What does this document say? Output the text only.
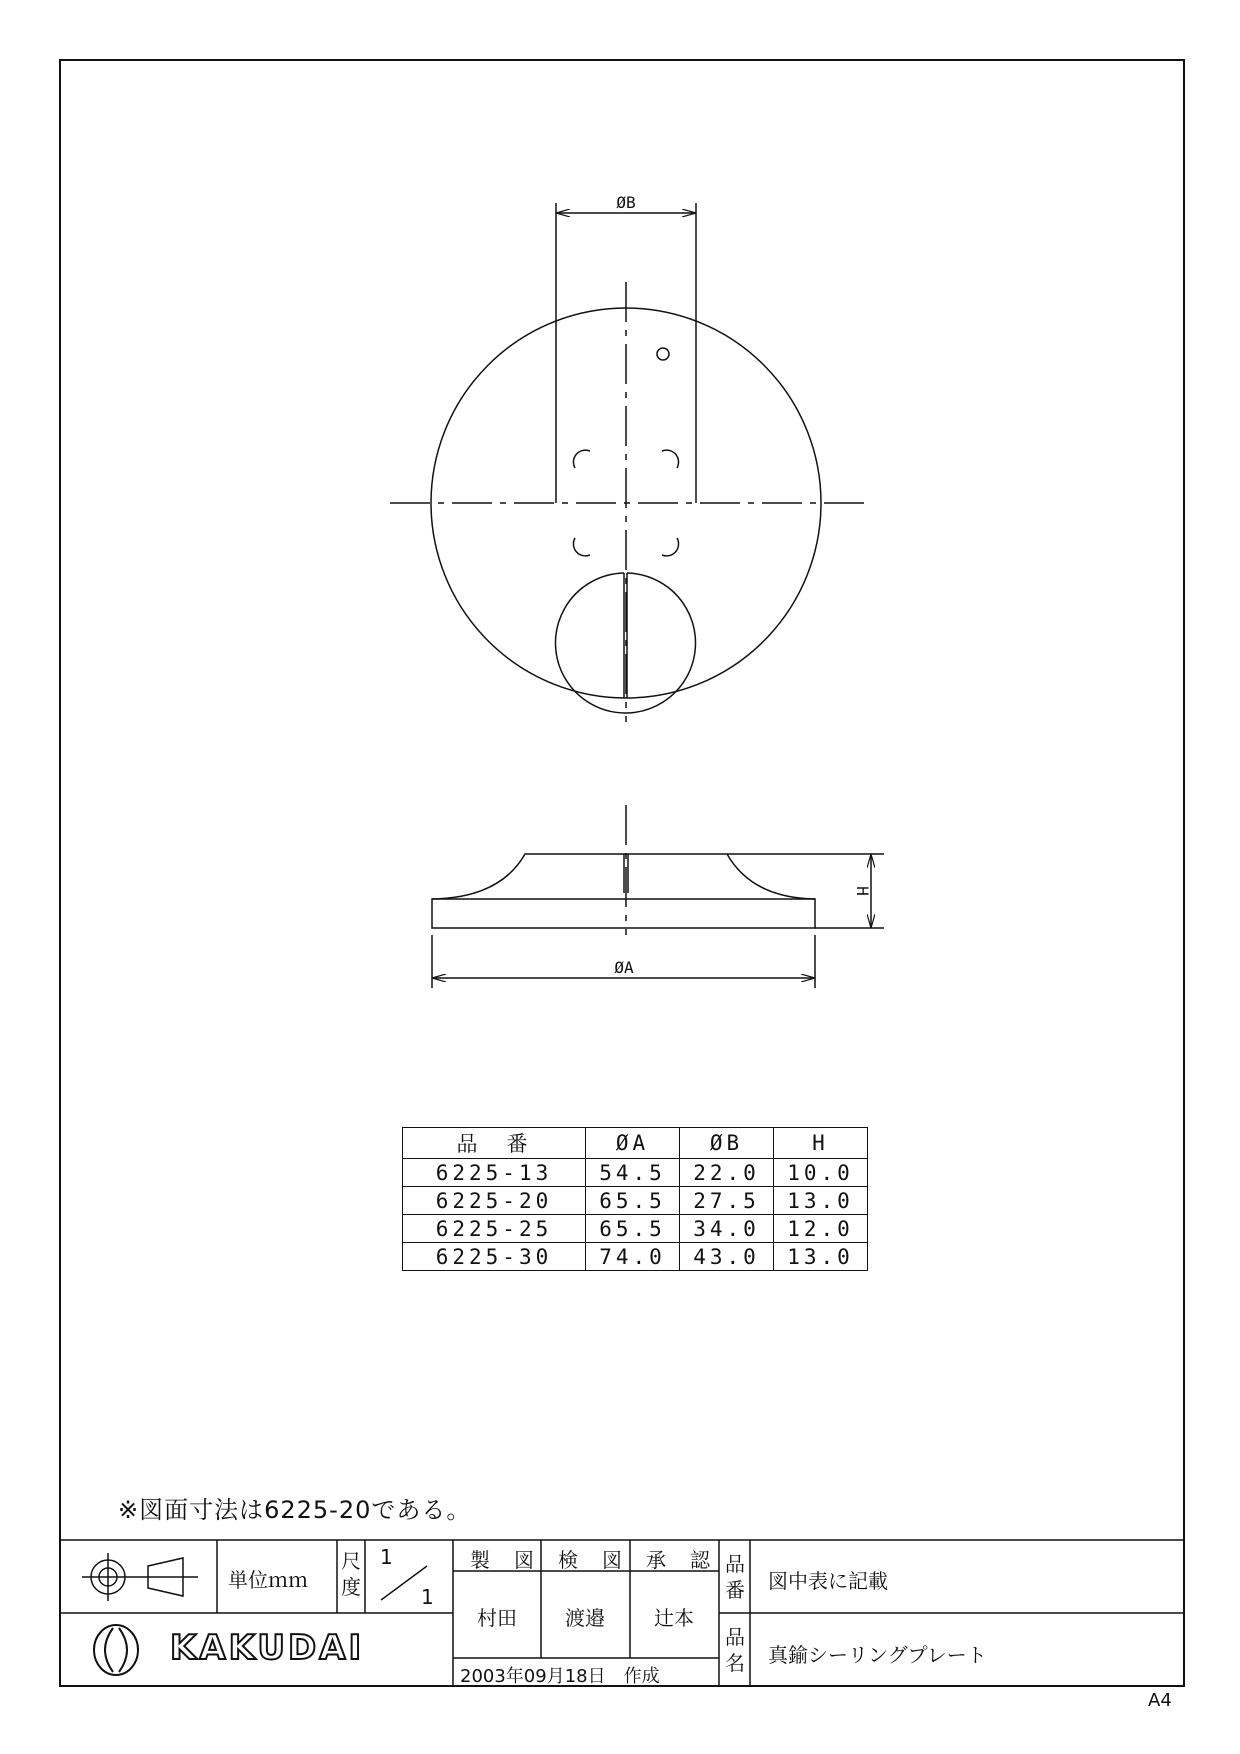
ØB
H
ØA
品　番	ØA	ØB	H
6225-13	54.5	22.0	10.0
6225-20	65.5	27.5	13.0
6225-25	65.5	34.0	12.0
6225-30	74.0	43.0	13.0
※図面寸法は6225-20である。
単位ｍｍ
尺度
1
1
製　図 検　図 承　認
村田 渡邉 辻本
2003年09月18日　作成
品番 図中表に記載
品名 真鍮シーリングプレート
KAKUDAI
A4
